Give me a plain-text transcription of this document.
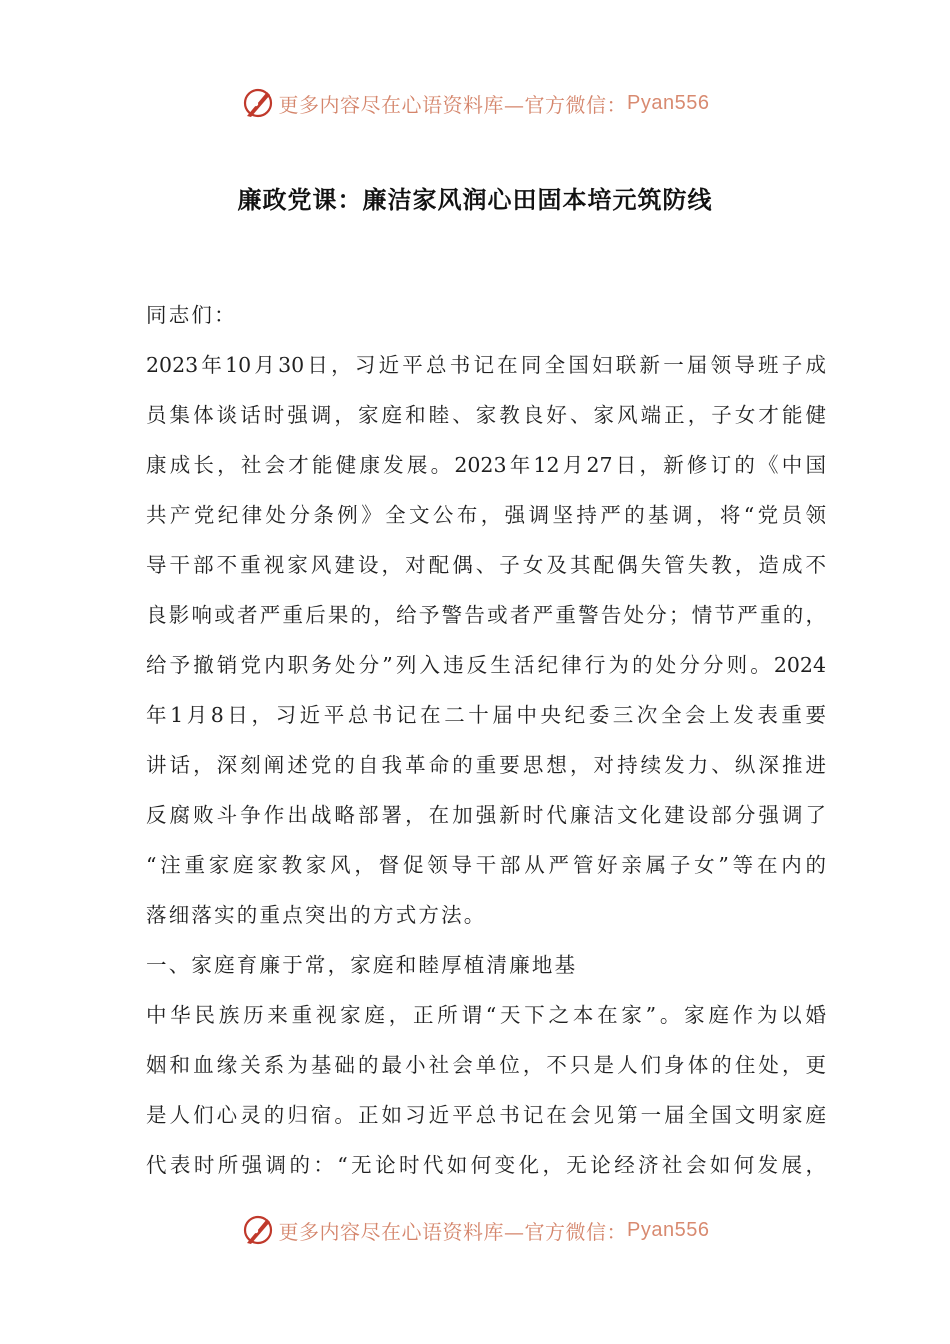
更多内容尽在心语资料库—官方微信： Pyan556
廉政党课：廉洁家风润心田固本培元筑防线
同志们：
2023年10月30日，习近平总书记在同全国妇联新一届领导班子成
员集体谈话时强调，家庭和睦、家教良好、家风端正，子女才能健
康成长，社会才能健康发展。2023年12月27日，新修订的《中国
共产党纪律处分条例》全文公布，强调坚持严的基调，将“党员领
导干部不重视家风建设，对配偶、子女及其配偶失管失教，造成不
良影响或者严重后果的，给予警告或者严重警告处分；情节严重的，
给予撤销党内职务处分”列入违反生活纪律行为的处分分则。2024
年1月8日，习近平总书记在二十届中央纪委三次全会上发表重要
讲话，深刻阐述党的自我革命的重要思想，对持续发力、纵深推进
反腐败斗争作出战略部署，在加强新时代廉洁文化建设部分强调了
“注重家庭家教家风，督促领导干部从严管好亲属子女”等在内的
落细落实的重点突出的方式方法。
一、家庭育廉于常，家庭和睦厚植清廉地基
中华民族历来重视家庭，正所谓“天下之本在家”。家庭作为以婚
姻和血缘关系为基础的最小社会单位，不只是人们身体的住处，更
是人们心灵的归宿。正如习近平总书记在会见第一届全国文明家庭
代表时所强调的：“无论时代如何变化，无论经济社会如何发展，
更多内容尽在心语资料库—官方微信： Pyan556
